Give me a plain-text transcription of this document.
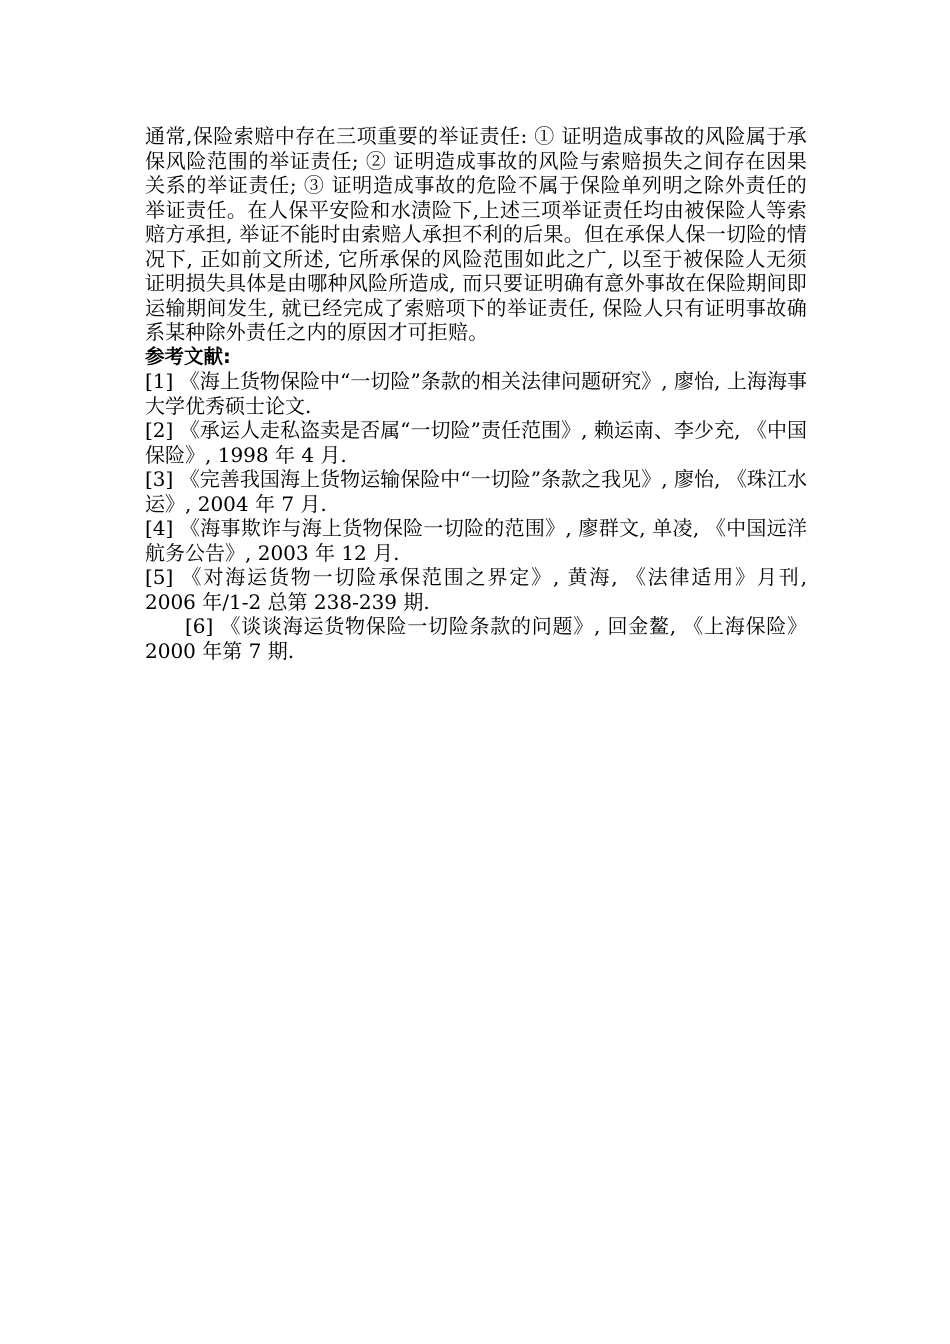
通常,保险索赔中存在三项重要的举证责任: ① 证明造成事故的风险属于承保风险范围的举证责任; ② 证明造成事故的风险与索赔损失之间存在因果关系的举证责任; ③ 证明造成事故的危险不属于保险单列明之除外责任的举证责任。在人保平安险和水渍险下,上述三项举证责任均由被保险人等索赔方承担, 举证不能时由索赔人承担不利的后果。但在承保人保一切险的情况下, 正如前文所述, 它所承保的风险范围如此之广, 以至于被保险人无须证明损失具体是由哪种风险所造成, 而只要证明确有意外事故在保险期间即运输期间发生, 就已经完成了索赔项下的举证责任, 保险人只有证明事故确系某种除外责任之内的原因才可拒赔。

参考文献:

[1] 《海上货物保险中“一切险”条款的相关法律问题研究》, 廖怡, 上海海事大学优秀硕士论文.

[2] 《承运人走私盗卖是否属“一切险”责任范围》, 赖运南、李少充, 《中国保险》, 1998 年 4 月.

[3] 《完善我国海上货物运输保险中“一切险”条款之我见》, 廖怡, 《珠江水运》, 2004 年 7 月.

[4] 《海事欺诈与海上货物保险一切险的范围》, 廖群文, 单凌, 《中国远洋航务公告》, 2003 年 12 月.

[5] 《对海运货物一切险承保范围之界定》, 黄海, 《法律适用》月刊, 2006 年/1-2 总第 238-239 期.

[6] 《谈谈海运货物保险一切险条款的问题》, 回金鳌, 《上海保险》2000 年第 7 期.
